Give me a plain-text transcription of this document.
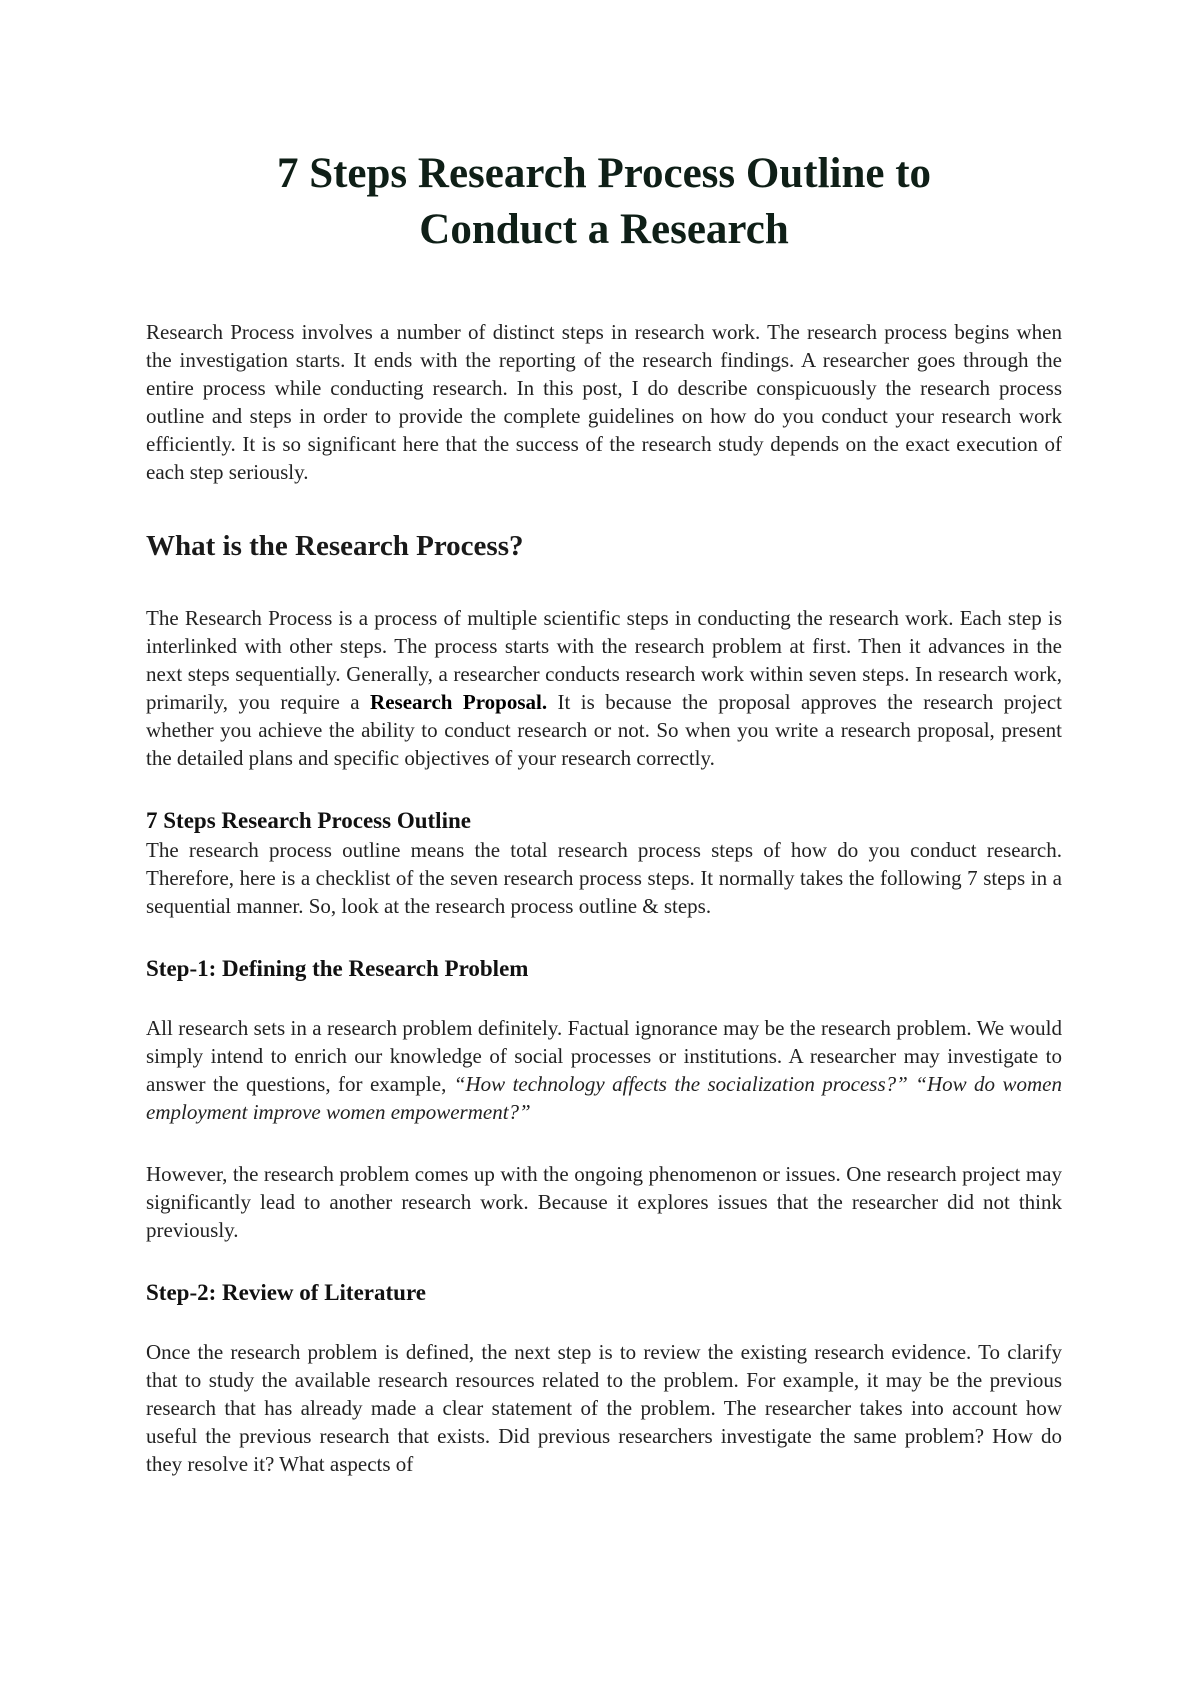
7 Steps Research Process Outline to
Conduct a Research

Research Process involves a number of distinct steps in research work. The research process begins when the investigation starts. It ends with the reporting of the research findings. A researcher goes through the entire process while conducting research. In this post, I do describe conspicuously the research process outline and steps in order to provide the complete guidelines on how do you conduct your research work efficiently. It is so significant here that the success of the research study depends on the exact execution of each step seriously.

What is the Research Process?

The Research Process is a process of multiple scientific steps in conducting the research work. Each step is interlinked with other steps. The process starts with the research problem at first. Then it advances in the next steps sequentially. Generally, a researcher conducts research work within seven steps. In research work, primarily, you require a Research Proposal. It is because the proposal approves the research project whether you achieve the ability to conduct research or not. So when you write a research proposal, present the detailed plans and specific objectives of your research correctly.

7 Steps Research Process Outline

The research process outline means the total research process steps of how do you conduct research. Therefore, here is a checklist of the seven research process steps. It normally takes the following 7 steps in a sequential manner. So, look at the research process outline & steps.

Step-1: Defining the Research Problem

All research sets in a research problem definitely. Factual ignorance may be the research problem. We would simply intend to enrich our knowledge of social processes or institutions. A researcher may investigate to answer the questions, for example, “How technology affects the socialization process?” “How do women employment improve women empowerment?”

However, the research problem comes up with the ongoing phenomenon or issues. One research project may significantly lead to another research work. Because it explores issues that the researcher did not think previously.

Step-2: Review of Literature

Once the research problem is defined, the next step is to review the existing research evidence. To clarify that to study the available research resources related to the problem. For example, it may be the previous research that has already made a clear statement of the problem. The researcher takes into account how useful the previous research that exists. Did previous researchers investigate the same problem? How do they resolve it? What aspects of
